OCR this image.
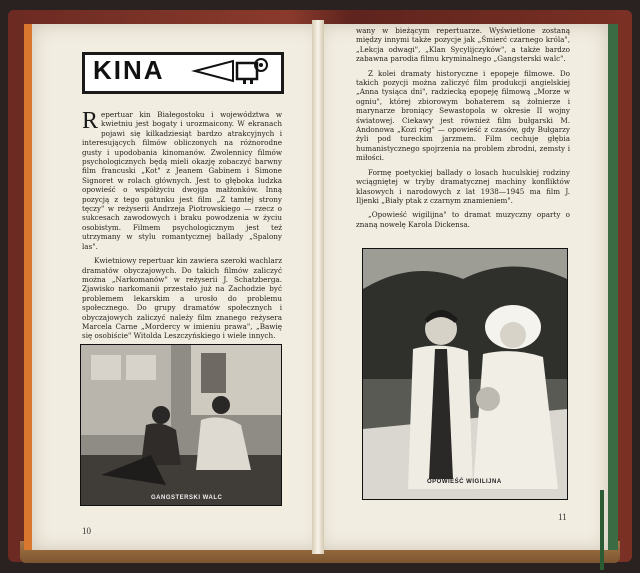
KINA

Repertuar kin Białegostoku i województwa w kwietniu jest bogaty i urozmaicony. W ekranach pojawi się kilkadziesiąt bardzo atrakcyjnych i interesujących filmów obliczonych na różnorodne gusty i upodobania kinomanów. Zwolennicy filmów psychologicznych będą mieli okazję zobaczyć barwny film francuski „Kot" z Jeanem Gabinem i Simone Signoret w rolach głównych. Jest to głęboka ludzka opowieść o współżyciu dwojga małżonków. Inną pozycją z tego gatunku jest film „Z tamtej strony tęczy" w reżyserii Andrzeja Piotrowskiego — rzecz o sukcesach zawodowych i braku powodzenia w życiu osobistym. Filmem psychologicznym jest też utrzymany w stylu romantycznej ballady „Spalony las".

Kwietniowy repertuar kin zawiera szeroki wachlarz dramatów obyczajowych. Do takich filmów zaliczyć można „Narkomanów" w reżyserii J. Schatzberga. Zjawisko narkomanii przestało już na Zachodzie być problemem lekarskim a urosło do problemu społecznego. Do grupy dramatów społecznych i obyczajowych zaliczyć należy film znanego reżysera Marcela Carne „Mordercy w imieniu prawa", „Bawię się osobiście" Witolda Leszczyńskiego i wiele innych.

GANGSTERSKI WALC
10

wany w bieżącym repertuarze. Wyświetlone zostaną między innymi także pozycje jak „Śmierć czarnego króla", „Lekcja odwagi", „Klan Sycylijczyków", a także bardzo zabawna parodia filmu kryminalnego „Gangsterski walc".

Z kolei dramaty historyczne i epopeje filmowe. Do takich pozycji można zaliczyć film produkcji angielskiej „Anna tysiąca dni", radziecką epopeję filmową „Morze w ogniu", której zbiorowym bohaterem są żołnierze i marynarze broniący Sewastopola w okresie II wojny światowej. Ciekawy jest również film bułgarski M. Andonowa „Kozi róg" — opowieść z czasów, gdy Bułgarzy żyli pod tureckim jarzmem. Film cechuje głębia humanistycznego spojrzenia na problem zbrodni, zemsty i miłości.

Formę poetyckiej ballady o losach huculskiej rodziny wciągniętej w tryby dramatycznej machiny konfliktów klasowych i narodowych z lat 1938—1945 ma film J. Iljenki „Biały ptak z czarnym znamieniem".

„Opowieść wigilijna" to dramat muzyczny oparty o znaną nowelę Karola Dickensa.

OPOWIEŚĆ WIGILIJNA
11
